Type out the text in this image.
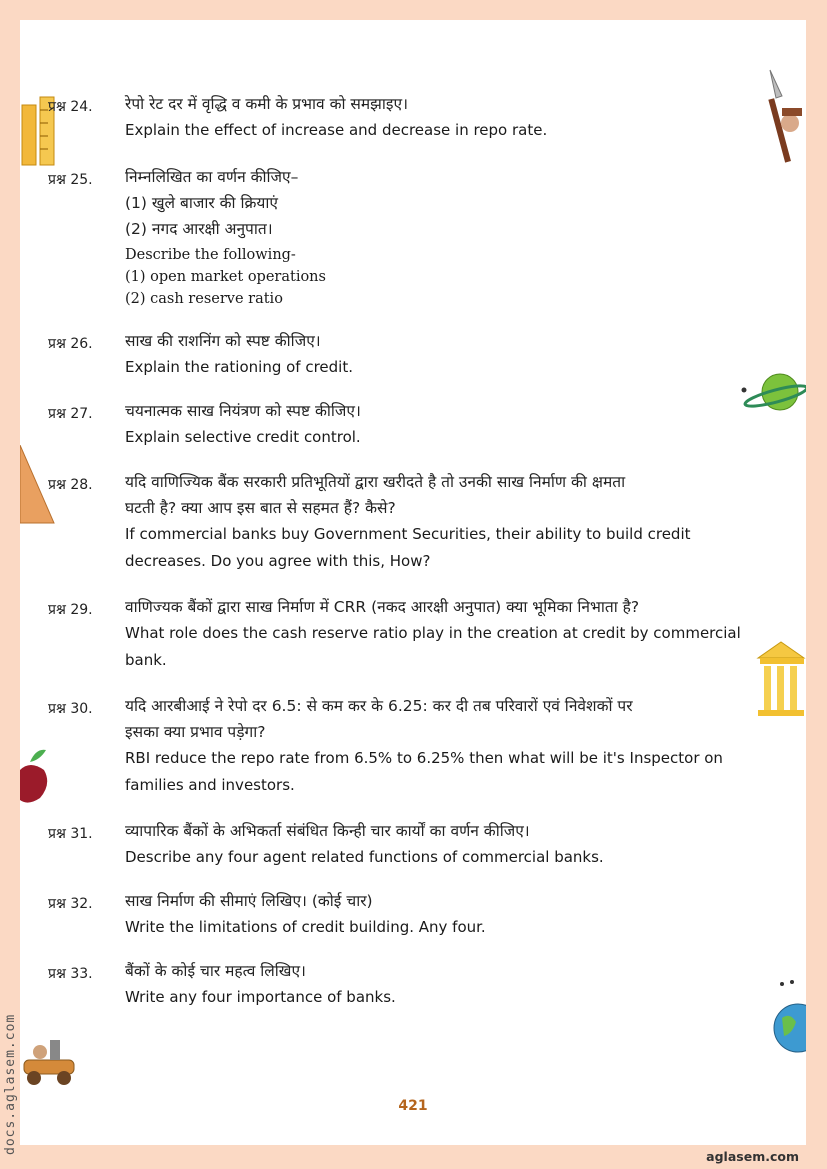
प्रश्न 24. रेपो रेट दर में वृद्धि व कमी के प्रभाव को समझाइए।

Explain the effect of increase and decrease in repo rate.

प्रश्न 25. निम्नलिखित का वर्णन कीजिए–

(1) खुले बाजार की क्रियाएं

(2) नगद आरक्षी अनुपात।

Describe the following-

(1) open market operations

(2) cash reserve ratio

प्रश्न 26. साख की राशनिंग को स्पष्ट कीजिए।

Explain the rationing of credit.

प्रश्न 27. चयनात्मक साख नियंत्रण को स्पष्ट कीजिए।

Explain selective credit control.

प्रश्न 28. यदि वाणिज्यिक बैंक सरकारी प्रतिभूतियों द्वारा खरीदते है तो उनकी साख निर्माण की क्षमता

घटती है? क्या आप इस बात से सहमत हैं? कैसे?

If commercial banks buy Government Securities, their ability to build credit

decreases. Do you agree with this, How?

प्रश्न 29. वाणिज्यक बैंकों द्वारा साख निर्माण में CRR (नकद आरक्षी अनुपात) क्या भूमिका निभाता है?

What role does the cash reserve ratio play in the creation at credit by commercial

bank.

प्रश्न 30. यदि आरबीआई ने रेपो दर 6.5: से कम कर के 6.25: कर दी तब परिवारों एवं निवेशकों पर

इसका क्या प्रभाव पड़ेगा?

RBI reduce the repo rate from 6.5% to 6.25% then what will be it's Inspector on

families and investors.

प्रश्न 31. व्यापारिक बैंकों के अभिकर्ता संबंधित किन्ही चार कार्यों का वर्णन कीजिए।

Describe any four agent related functions of commercial banks.

प्रश्न 32. साख निर्माण की सीमाएं लिखिए। (कोई चार)

Write the limitations of credit building. Any four.

प्रश्न 33. बैंकों के कोई चार महत्व लिखिए।

Write any four importance of banks.

421
docs.aglasem.com
aglasem.com
